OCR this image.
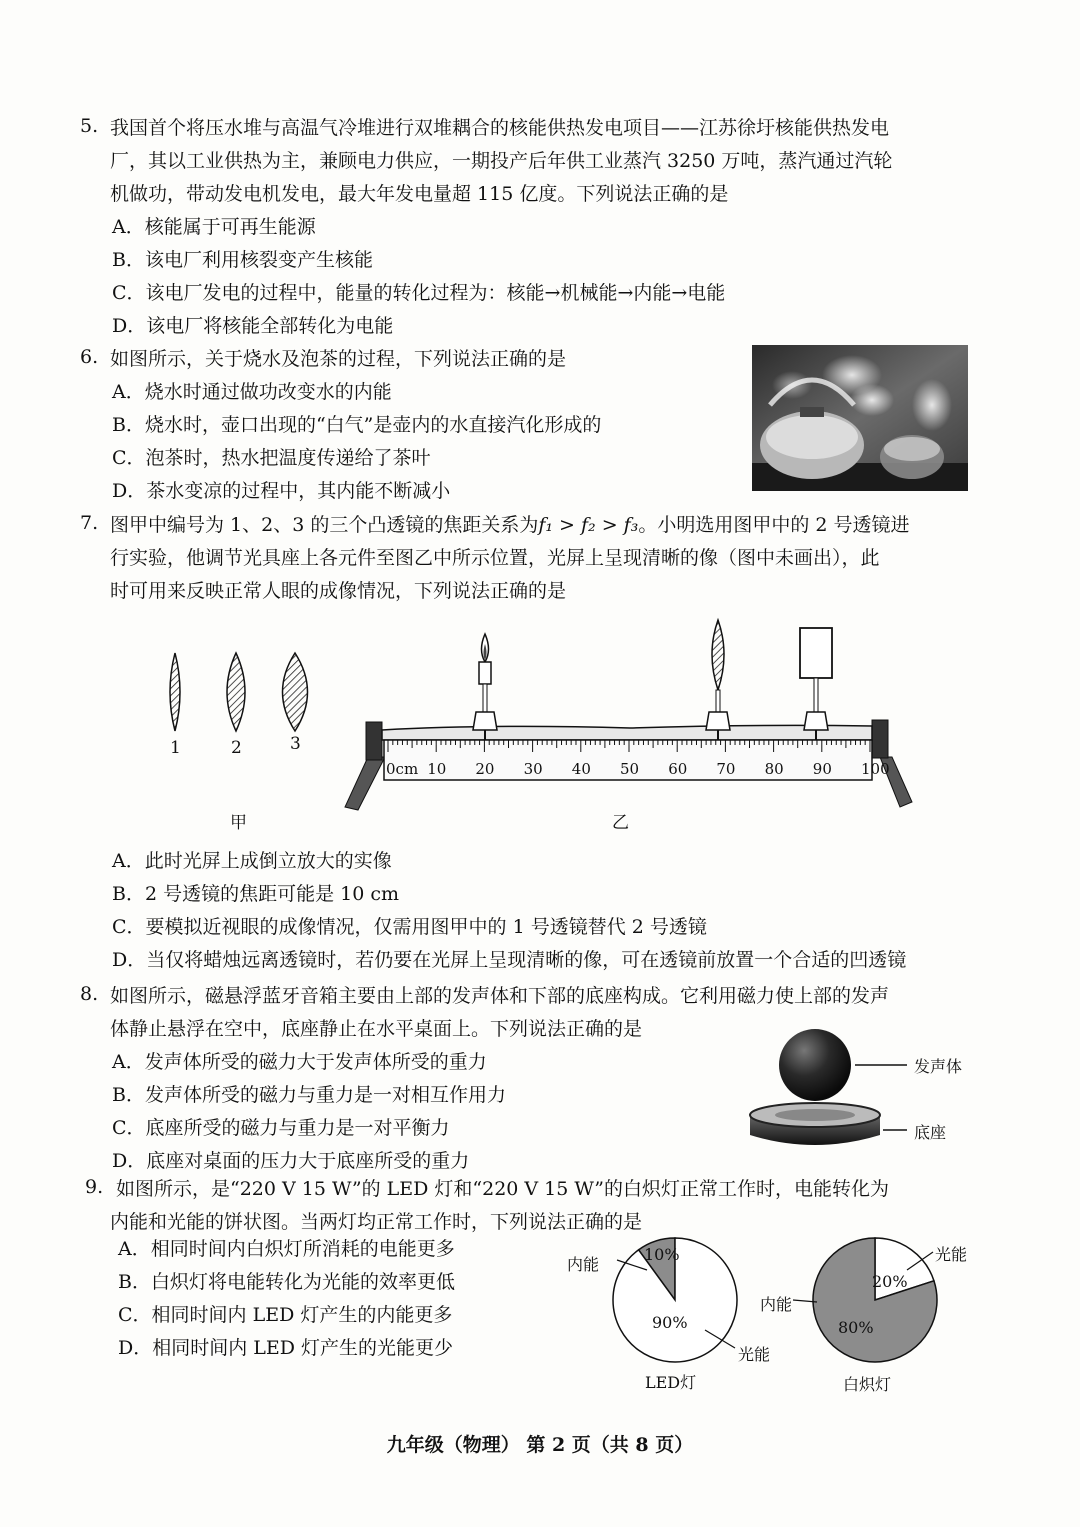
5. 我国首个将压水堆与高温气冷堆进行双堆耦合的核能供热发电项目——江苏徐圩核能供热发电
厂，其以工业供热为主，兼顾电力供应，一期投产后年供工业蒸汽 3250 万吨，蒸汽通过汽轮
机做功，带动发电机发电，最大年发电量超 115 亿度。下列说法正确的是
A．核能属于可再生能源
B．该电厂利用核裂变产生核能
C．该电厂发电的过程中，能量的转化过程为：核能→机械能→内能→电能
D．该电厂将核能全部转化为电能
6. 如图所示，关于烧水及泡茶的过程，下列说法正确的是
A．烧水时通过做功改变水的内能
B．烧水时，壶口出现的“白气”是壶内的水直接汽化形成的
C．泡茶时，热水把温度传递给了茶叶
D．茶水变凉的过程中，其内能不断减小
7. 图甲中编号为 1、2、3 的三个凸透镜的焦距关系为f₁ > f₂ > f₃。小明选用图甲中的 2 号透镜进
行实验，他调节光具座上各元件至图乙中所示位置，光屏上呈现清晰的像（图中未画出），此
时可用来反映正常人眼的成像情况，下列说法正确的是
1	2	3
甲
0cm 10 20 30 40 50 60 70 80 90 100
乙
A．此时光屏上成倒立放大的实像
B．2 号透镜的焦距可能是 10 cm
C．要模拟近视眼的成像情况，仅需用图甲中的 1 号透镜替代 2 号透镜
D．当仅将蜡烛远离透镜时，若仍要在光屏上呈现清晰的像，可在透镜前放置一个合适的凹透镜
8. 如图所示，磁悬浮蓝牙音箱主要由上部的发声体和下部的底座构成。它利用磁力使上部的发声
体静止悬浮在空中，底座静止在水平桌面上。下列说法正确的是
A．发声体所受的磁力大于发声体所受的重力
B．发声体所受的磁力与重力是一对相互作用力
C．底座所受的磁力与重力是一对平衡力
D．底座对桌面的压力大于底座所受的重力
发声体
底座
9. 如图所示，是“220 V 15 W”的 LED 灯和“220 V 15 W”的白炽灯正常工作时，电能转化为
内能和光能的饼状图。当两灯均正常工作时，下列说法正确的是
A．相同时间内白炽灯所消耗的电能更多
B．白炽灯将电能转化为光能的效率更低
C．相同时间内 LED 灯产生的内能更多
D．相同时间内 LED 灯产生的光能更少
10%
90%
内能
光能
LED灯
20%
80%
光能
内能
白炽灯
九年级（物理） 第 2 页（共 8 页）
